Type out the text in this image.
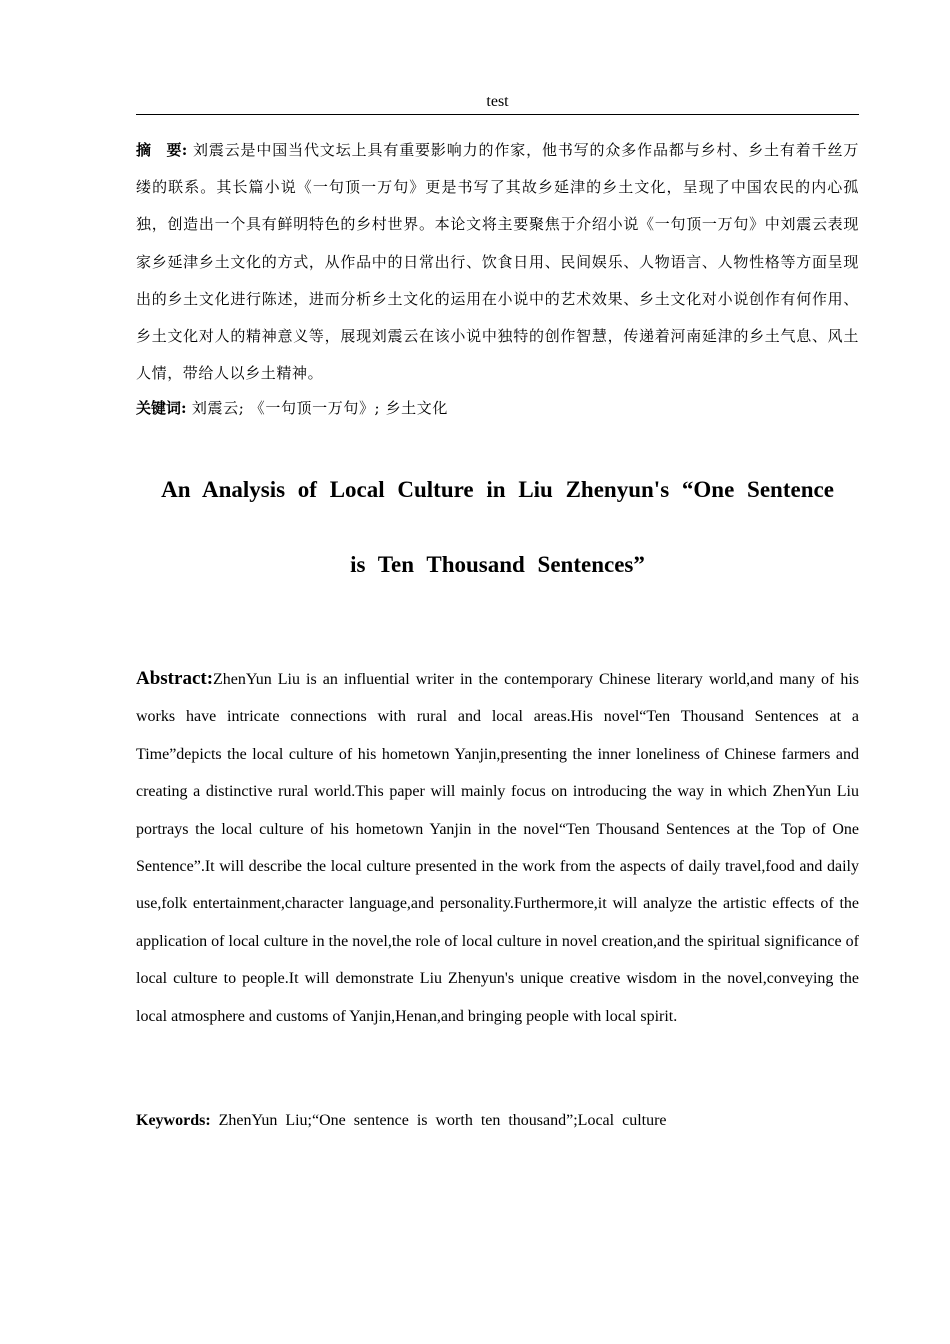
test
摘　要: 刘震云是中国当代文坛上具有重要影响力的作家，他书写的众多作品都与乡村、乡土有着千丝万缕的联系。其长篇小说《一句顶一万句》更是书写了其故乡延津的乡土文化，呈现了中国农民的内心孤独，创造出一个具有鲜明特色的乡村世界。本论文将主要聚焦于介绍小说《一句顶一万句》中刘震云表现家乡延津乡土文化的方式，从作品中的日常出行、饮食日用、民间娱乐、人物语言、人物性格等方面呈现出的乡土文化进行陈述，进而分析乡土文化的运用在小说中的艺术效果、乡土文化对小说创作有何作用、乡土文化对人的精神意义等，展现刘震云在该小说中独特的创作智慧，传递着河南延津的乡土气息、风土人情，带给人以乡土精神。
关键词: 刘震云; 《一句顶一万句》; 乡土文化
An Analysis of Local Culture in Liu Zhenyun's “One Sentence
is Ten Thousand Sentences”
Abstract:ZhenYun Liu is an influential writer in the contemporary Chinese literary world,and many of his works have intricate connections with rural and local areas.His novel“Ten Thousand Sentences at a Time”depicts the local culture of his hometown Yanjin,presenting the inner loneliness of Chinese farmers and creating a distinctive rural world.This paper will mainly focus on introducing the way in which ZhenYun Liu portrays the local culture of his hometown Yanjin in the novel“Ten Thousand Sentences at the Top of One Sentence”.It will describe the local culture presented in the work from the aspects of daily travel,food and daily use,folk entertainment,character language,and personality.Furthermore,it will analyze the artistic effects of the application of local culture in the novel,the role of local culture in novel creation,and the spiritual significance of local culture to people.It will demonstrate Liu Zhenyun's unique creative wisdom in the novel,conveying the local atmosphere and customs of Yanjin,Henan,and bringing people with local spirit.
Keywords: ZhenYun Liu;“One sentence is worth ten thousand”;Local culture
